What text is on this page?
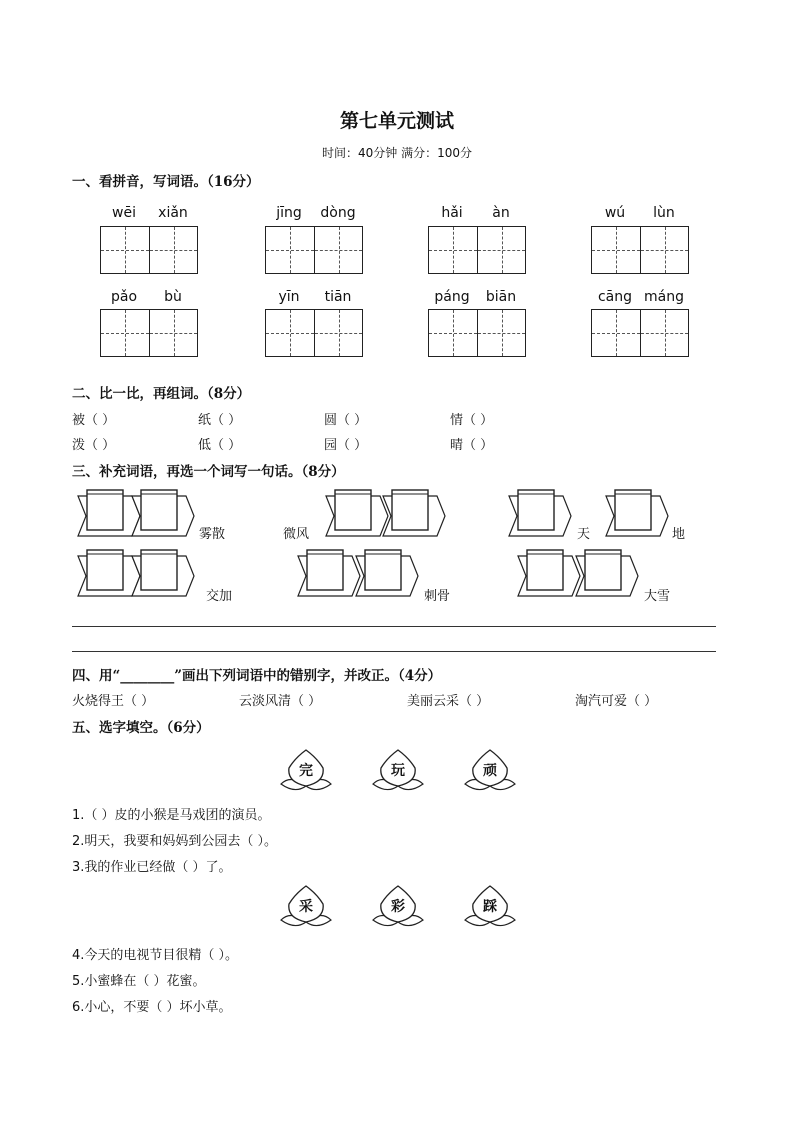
第七单元测试
时间：40分钟 满分：100分
一、看拼音，写词语。（16分）
wēi	xiǎn	jīng	dòng	hǎi	àn	wú	lùn
pǎo	bù	yīn	tiān	páng	biān	cāng máng
二、比一比，再组词。（8分）
被（ ）	纸（ ）	圆（ ）	情（ ）
泼（ ）	低（ ）	园（ ）	晴（ ）
三、补充词语，再选一个词写一句话。（8分）
雾散	微风	天	地
交加	刺骨	大雪
四、用“________”画出下列词语中的错别字，并改正。（4分）
火烧得王（ ）	云淡风清（ ）	美丽云采（ ）	淘汽可爱（ ）
五、选字填空。（6分）
完	玩	顽
1.（ ）皮的小猴是马戏团的演员。
2.明天，我要和妈妈到公园去（ ）。
3.我的作业已经做（ ）了。
采	彩	踩
4.今天的电视节目很精（ ）。
5.小蜜蜂在（ ）花蜜。
6.小心，不要（ ）坏小草。
